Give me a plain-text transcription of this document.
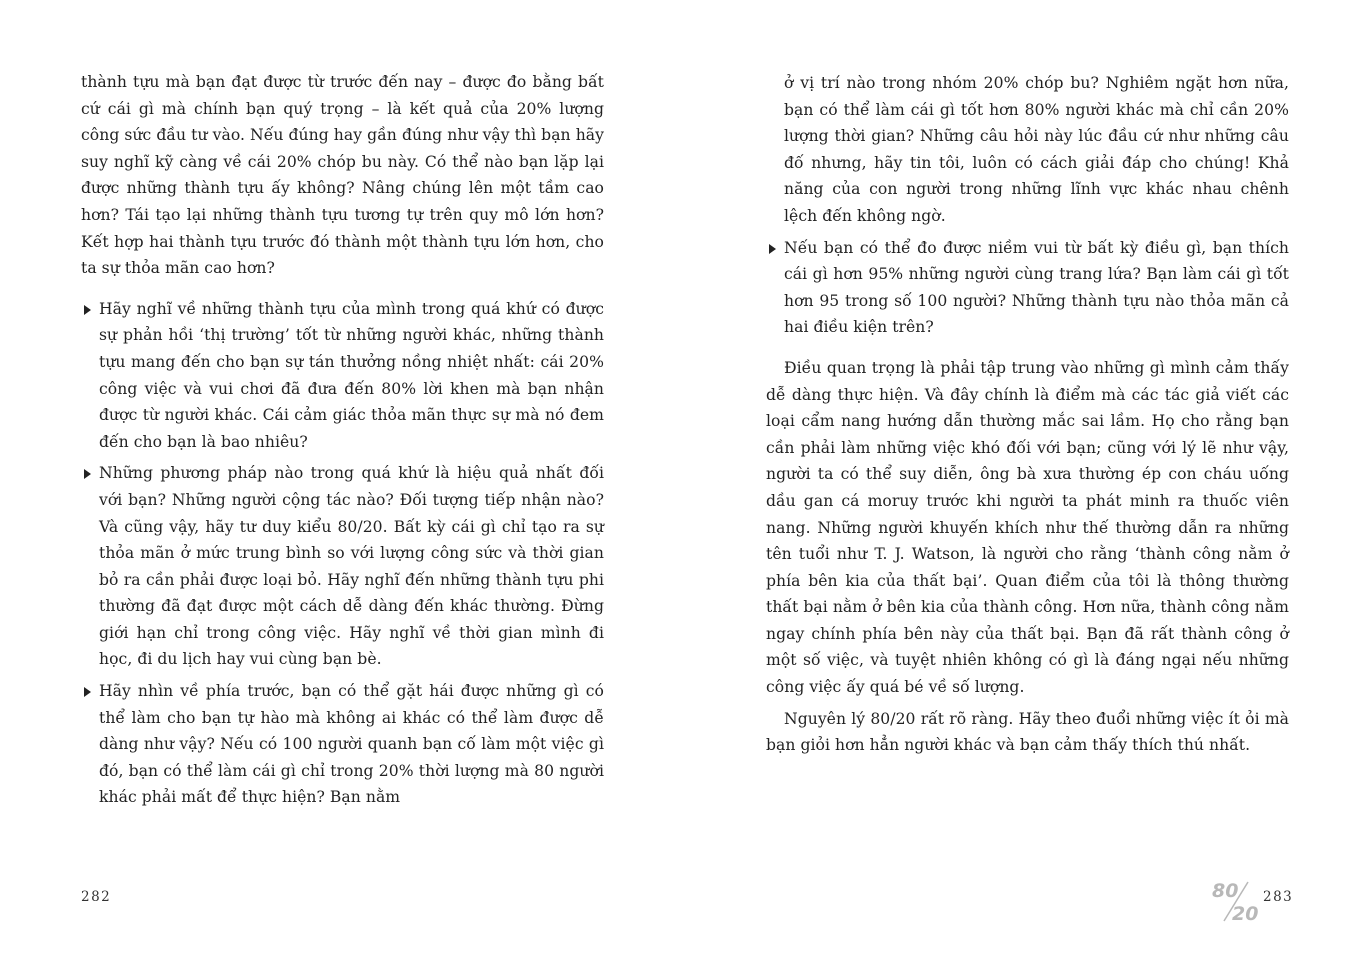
thành tựu mà bạn đạt được từ trước đến nay – được đo bằng bất cứ cái gì mà chính bạn quý trọng – là kết quả của 20% lượng công sức đầu tư vào. Nếu đúng hay gần đúng như vậy thì bạn hãy suy nghĩ kỹ càng về cái 20% chóp bu này. Có thể nào bạn lặp lại được những thành tựu ấy không? Nâng chúng lên một tầm cao hơn? Tái tạo lại những thành tựu tương tự trên quy mô lớn hơn? Kết hợp hai thành tựu trước đó thành một thành tựu lớn hơn, cho ta sự thỏa mãn cao hơn?

Hãy nghĩ về những thành tựu của mình trong quá khứ có được sự phản hồi ‘thị trường’ tốt từ những người khác, những thành tựu mang đến cho bạn sự tán thưởng nồng nhiệt nhất: cái 20% công việc và vui chơi đã đưa đến 80% lời khen mà bạn nhận được từ người khác. Cái cảm giác thỏa mãn thực sự mà nó đem đến cho bạn là bao nhiêu?
Những phương pháp nào trong quá khứ là hiệu quả nhất đối với bạn? Những người cộng tác nào? Đối tượng tiếp nhận nào? Và cũng vậy, hãy tư duy kiểu 80/20. Bất kỳ cái gì chỉ tạo ra sự thỏa mãn ở mức trung bình so với lượng công sức và thời gian bỏ ra cần phải được loại bỏ. Hãy nghĩ đến những thành tựu phi thường đã đạt được một cách dễ dàng đến khác thường. Đừng giới hạn chỉ trong công việc. Hãy nghĩ về thời gian mình đi học, đi du lịch hay vui cùng bạn bè.
Hãy nhìn về phía trước, bạn có thể gặt hái được những gì có thể làm cho bạn tự hào mà không ai khác có thể làm được dễ dàng như vậy? Nếu có 100 người quanh bạn cố làm một việc gì đó, bạn có thể làm cái gì chỉ trong 20% thời lượng mà 80 người khác phải mất để thực hiện? Bạn nằm
282

ở vị trí nào trong nhóm 20% chóp bu? Nghiêm ngặt hơn nữa, bạn có thể làm cái gì tốt hơn 80% người khác mà chỉ cần 20% lượng thời gian? Những câu hỏi này lúc đầu cứ như những câu đố nhưng, hãy tin tôi, luôn có cách giải đáp cho chúng! Khả năng của con người trong những lĩnh vực khác nhau chênh lệch đến không ngờ.

Nếu bạn có thể đo được niềm vui từ bất kỳ điều gì, bạn thích cái gì hơn 95% những người cùng trang lứa? Bạn làm cái gì tốt hơn 95 trong số 100 người? Những thành tựu nào thỏa mãn cả hai điều kiện trên?

Điều quan trọng là phải tập trung vào những gì mình cảm thấy dễ dàng thực hiện. Và đây chính là điểm mà các tác giả viết các loại cẩm nang hướng dẫn thường mắc sai lầm. Họ cho rằng bạn cần phải làm những việc khó đối với bạn; cũng với lý lẽ như vậy, người ta có thể suy diễn, ông bà xưa thường ép con cháu uống dầu gan cá moruy trước khi người ta phát minh ra thuốc viên nang. Những người khuyến khích như thế thường dẫn ra những tên tuổi như T. J. Watson, là người cho rằng ‘thành công nằm ở phía bên kia của thất bại’. Quan điểm của tôi là thông thường thất bại nằm ở bên kia của thành công. Hơn nữa, thành công nằm ngay chính phía bên này của thất bại. Bạn đã rất thành công ở một số việc, và tuyệt nhiên không có gì là đáng ngại nếu những công việc ấy quá bé về số lượng.

Nguyên lý 80/20 rất rõ ràng. Hãy theo đuổi những việc ít ỏi mà bạn giỏi hơn hẳn người khác và bạn cảm thấy thích thú nhất.

80
20
283
